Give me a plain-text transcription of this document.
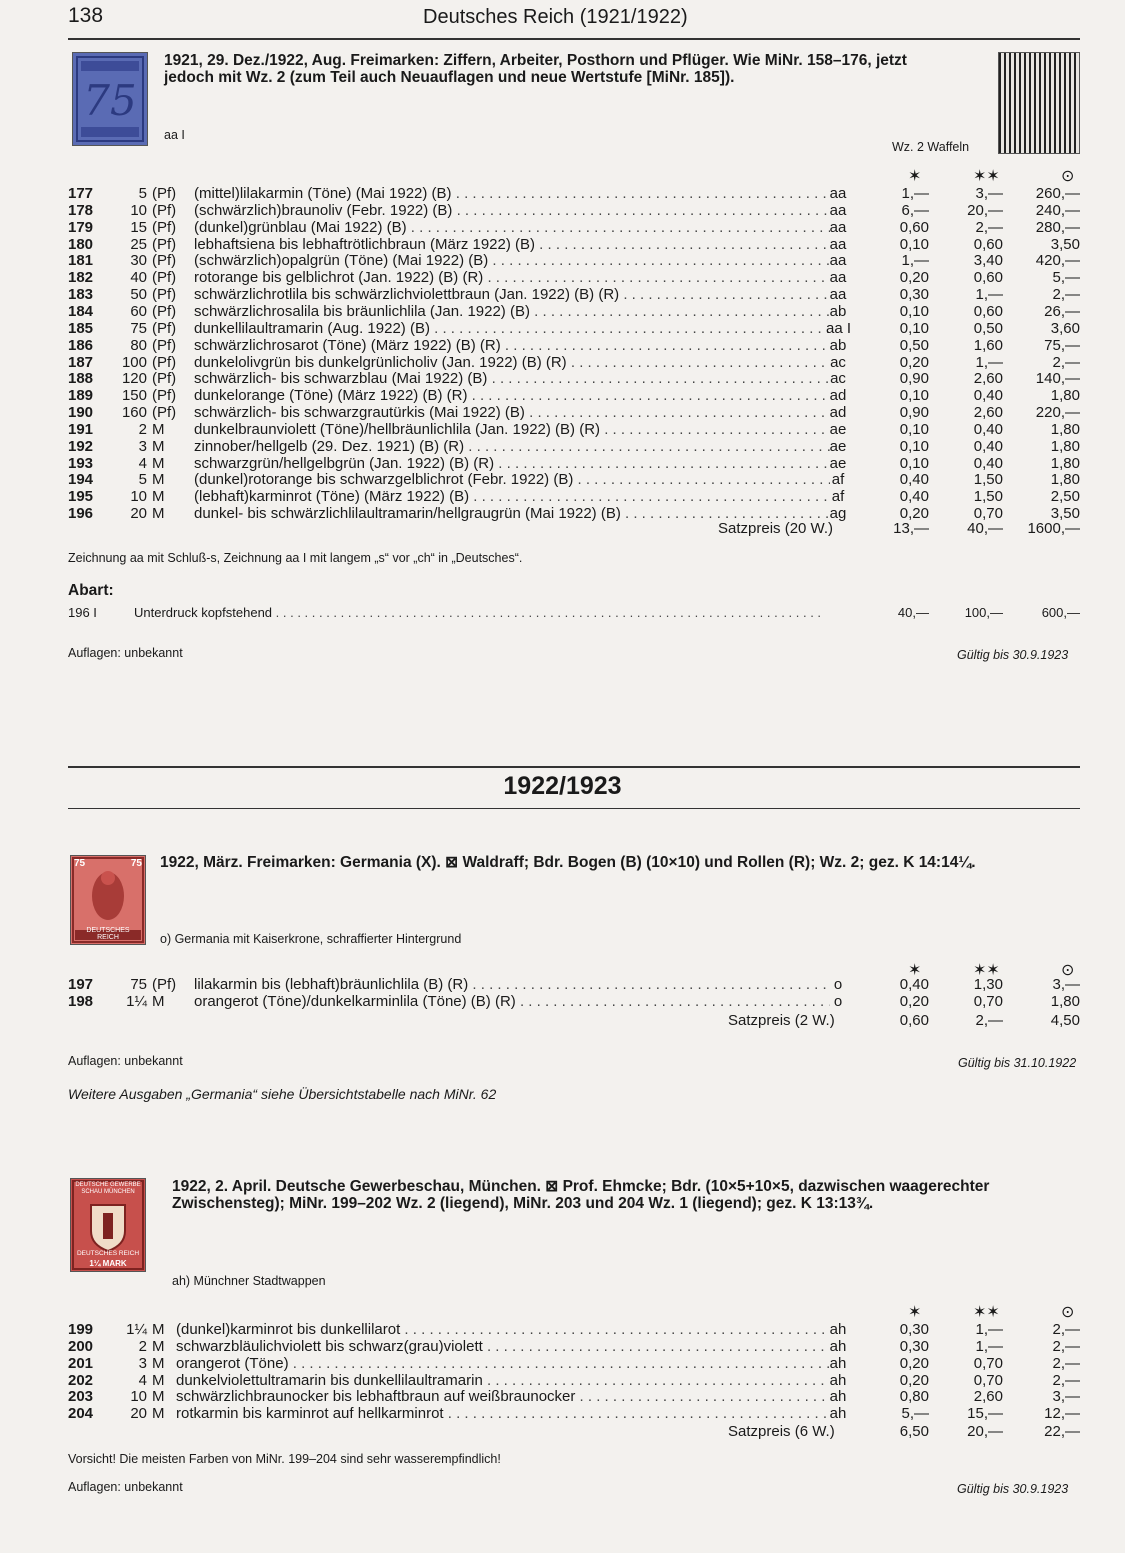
138	Deutsches Reich (1921/1922)
75
1921, 29. Dez./1922, Aug. Freimarken: Ziffern, Arbeiter, Posthorn und Pflüger. Wie MiNr. 158–176, jetzt
jedoch mit Wz. 2 (zum Teil auch Neuauflagen und neue Wertstufe [MiNr. 185]).
aa I
Wz. 2 Waffeln
✶	✶✶	⊙
177	5 (Pf) (mittel)lilakarmin (Töne) (Mai 1922) (B) . . .	aa	1,—	3,—	260,—
178	10 (Pf) (schwärzlich)braunoliv (Febr. 1922) (B) . . .	aa	6,—	20,—	240,—
179	15 (Pf) (dunkel)grünblau (Mai 1922) (B) . . .	aa	0,60	2,—	280,—
180	25 (Pf) lebhaftsiena bis lebhaftrötlichbraun (März 1922) (B) . . .	aa	0,10	0,60	3,50
181	30 (Pf) (schwärzlich)opalgrün (Töne) (Mai 1922) (B) . . .	aa	1,—	3,40	420,—
182	40 (Pf) rotorange bis gelblichrot (Jan. 1922) (B) (R) . . .	aa	0,20	0,60	5,—
183	50 (Pf) schwärzlichrotlila bis schwärzlichviolettbraun (Jan. 1922) (B) (R) . . .	aa	0,30	1,—	2,—
184	60 (Pf) schwärzlichrosalila bis bräunlichlila (Jan. 1922) (B) . . .	ab	0,10	0,60	26,—
185	75 (Pf) dunkellilaultramarin (Aug. 1922) (B) . . .	aa I	0,10	0,50	3,60
186	80 (Pf) schwärzlichrosarot (Töne) (März 1922) (B) (R) . . .	ab	0,50	1,60	75,—
187	100 (Pf) dunkelolivgrün bis dunkelgrünlicholiv (Jan. 1922) (B) (R) . . .	ac	0,20	1,—	2,—
188	120 (Pf) schwärzlich- bis schwarzblau (Mai 1922) (B) . . .	ac	0,90	2,60	140,—
189	150 (Pf) dunkelorange (Töne) (März 1922) (B) (R) . . .	ad	0,10	0,40	1,80
190	160 (Pf) schwärzlich- bis schwarzgrautürkis (Mai 1922) (B) . . .	ad	0,90	2,60	220,—
191	2 M dunkelbraunviolett (Töne)/hellbräunlichlila (Jan. 1922) (B) (R) . . .	ae	0,10	0,40	1,80
192	3 M zinnober/hellgelb (29. Dez. 1921) (B) (R) . . .	ae	0,10	0,40	1,80
193	4 M schwarzgrün/hellgelbgrün (Jan. 1922) (B) (R) . . .	ae	0,10	0,40	1,80
194	5 M (dunkel)rotorange bis schwarzgelblichrot (Febr. 1922) (B) . . .	af	0,40	1,50	1,80
195	10 M (lebhaft)karminrot (Töne) (März 1922) (B) . . .	af	0,40	1,50	2,50
196	20 M dunkel- bis schwärzlichlilaultramarin/hellgraugrün (Mai 1922) (B) . . .	ag	0,20	0,70	3,50
Satzpreis (20 W.)	13,—	40,—	1600,—
Zeichnung aa mit Schluß-s, Zeichnung aa I mit langem „s“ vor „ch“ in „Deutsches“.
Abart:
196 I	Unterdruck kopfstehend . . .	40,—	100,—	600,—
Auflagen: unbekannt	Gültig bis 30.9.1923
1922/1923
75	75
DEUTSCHES REICH
1922, März. Freimarken: Germania (X). ⊠ Waldraff; Bdr. Bogen (B) (10×10) und Rollen (R); Wz. 2; gez. K 14:14¼.
o) Germania mit Kaiserkrone, schraffierter Hintergrund
✶	✶✶	⊙
197	75 (Pf) lilakarmin bis (lebhaft)bräunlichlila (B) (R) . . .	o	0,40	1,30	3,—
198	1¼ M orangerot (Töne)/dunkelkarminlila (Töne) (B) (R) . . .	o	0,20	0,70	1,80
Satzpreis (2 W.)	0,60	2,—	4,50
Auflagen: unbekannt	Gültig bis 31.10.1922
Weitere Ausgaben „Germania“ siehe Übersichtstabelle nach MiNr. 62
DEUTSCHE GEWERBE SCHAU MÜNCHEN
DEUTSCHES REICH
1¼ MARK
1922, 2. April. Deutsche Gewerbeschau, München. ⊠ Prof. Ehmcke; Bdr. (10×5+10×5, dazwischen waagerechter
Zwischensteg); MiNr. 199–202 Wz. 2 (liegend), MiNr. 203 und 204 Wz. 1 (liegend); gez. K 13:13¾.
ah) Münchner Stadtwappen
✶	✶✶	⊙
199	1¼ M (dunkel)karminrot bis dunkellilarot . . .	ah	0,30	1,—	2,—
200	2 M schwarzbläulichviolett bis schwarz(grau)violett . . .	ah	0,30	1,—	2,—
201	3 M orangerot (Töne) . . .	ah	0,20	0,70	2,—
202	4 M dunkelviolettultramarin bis dunkellilaultramarin . . .	ah	0,20	0,70	2,—
203	10 M schwärzlichbraunocker bis lebhaftbraun auf weißbraunocker . . .	ah	0,80	2,60	3,—
204	20 M rotkarmin bis karminrot auf hellkarminrot . . .	ah	5,—	15,—	12,—
Satzpreis (6 W.)	6,50	20,—	22,—
Vorsicht! Die meisten Farben von MiNr. 199–204 sind sehr wasserempfindlich!
Auflagen: unbekannt	Gültig bis 30.9.1923
